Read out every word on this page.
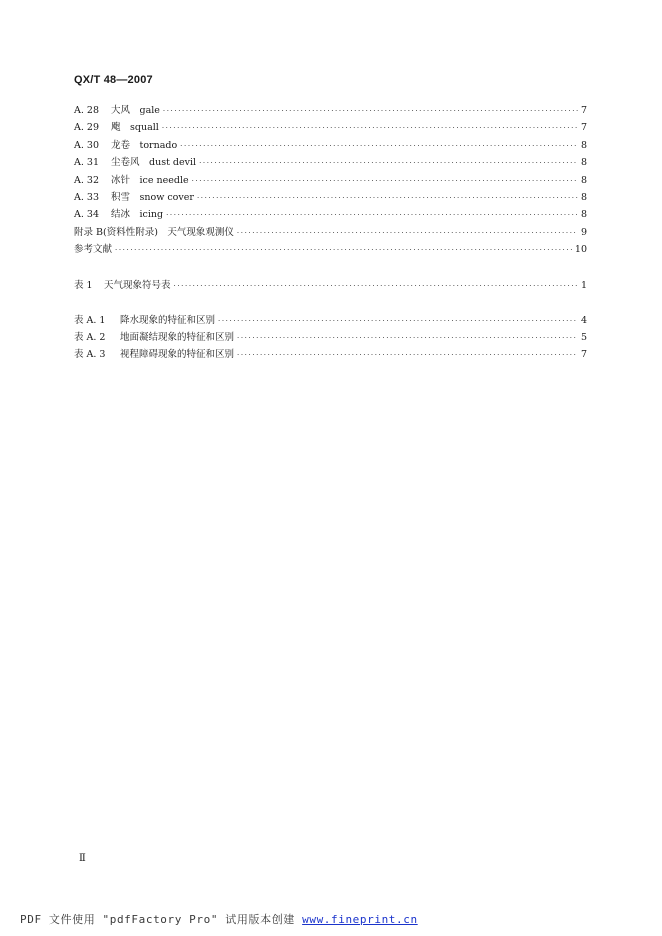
QX/T 48—2007
A. 28	大风　gale ·····	7
A. 29	飑　squall ·····	7
A. 30	龙卷　tornado ·····	8
A. 31	尘卷风　dust devil ·····	8
A. 32	冰针　ice needle ·····	8
A. 33	积雪　snow cover ·····	8
A. 34	结冰　icing ·····	8
附录 B(资料性附录)　天气现象观测仪 ·····	9
参考文献 ·····	10
表 1	天气现象符号表 ·····	1
表 A. 1	降水现象的特征和区别 ·····	4
表 A. 2	地面凝结现象的特征和区别 ·····	5
表 A. 3	视程障碍现象的特征和区别 ·····	7
Ⅱ
PDF 文件使用 "pdfFactory Pro" 试用版本创建 www.fineprint.cn
